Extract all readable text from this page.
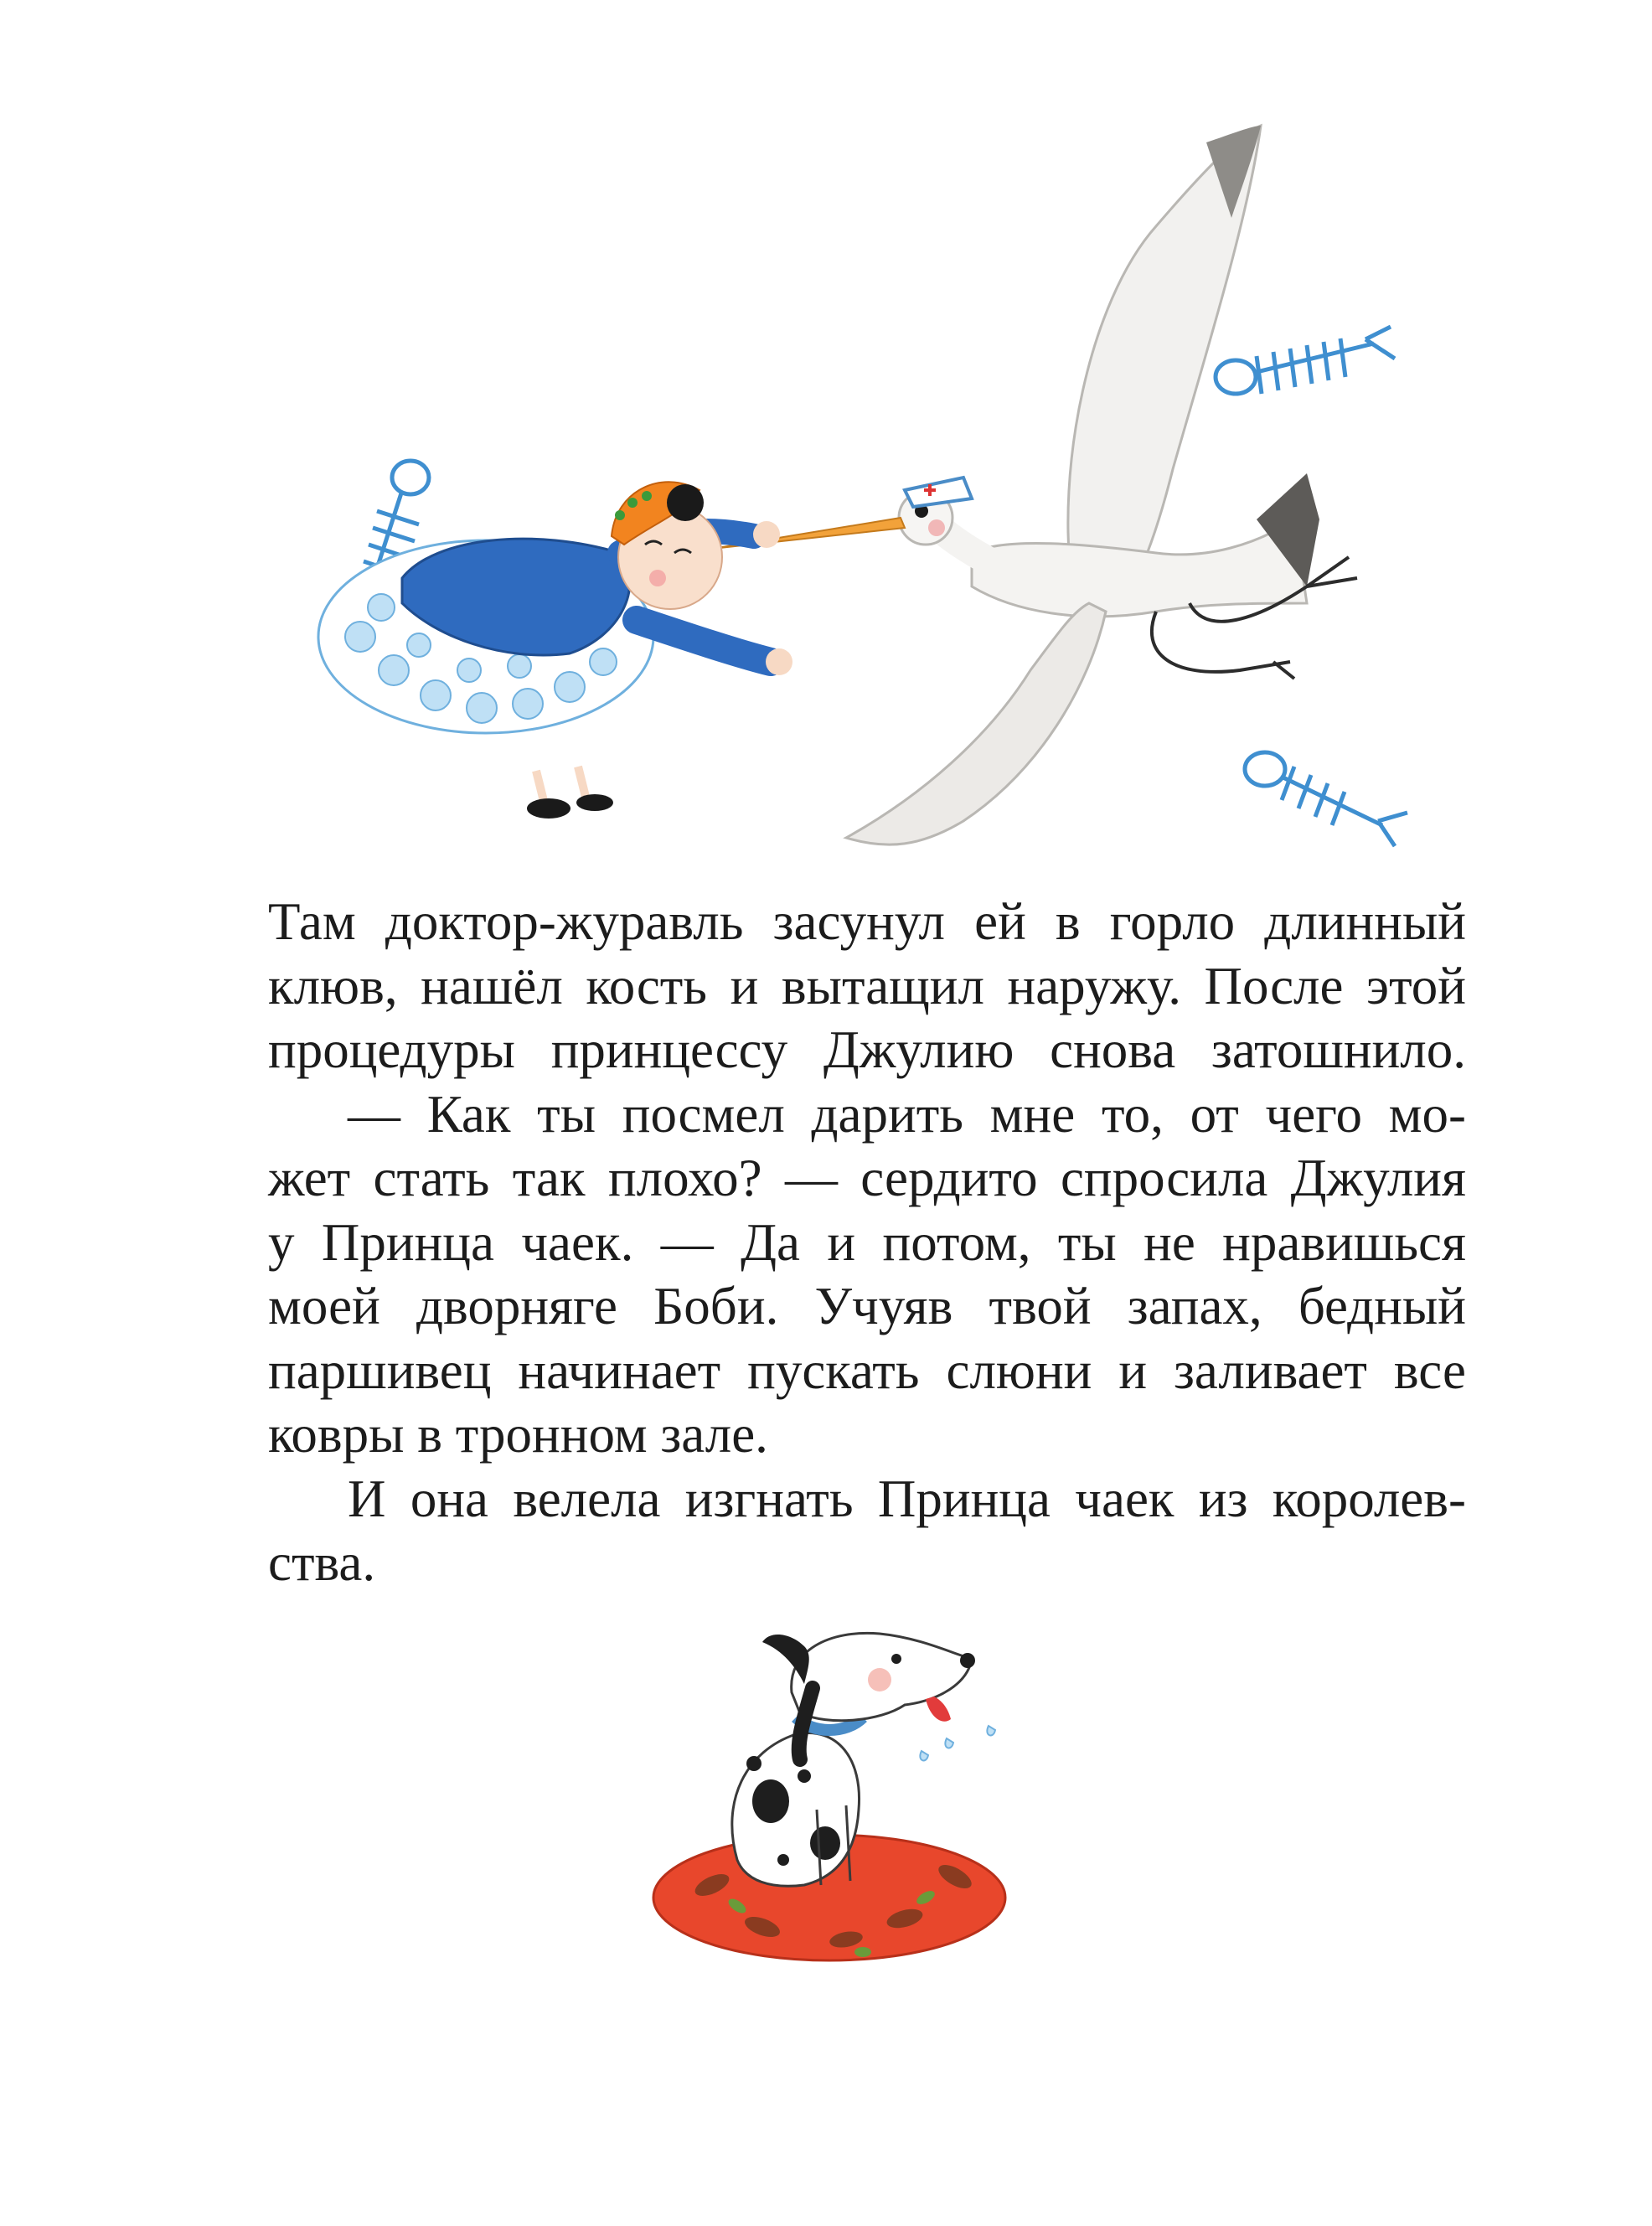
Там доктор-журавль засунул ей в горло длинный
клюв, нашёл кость и вытащил наружу. После этой
процедуры принцессу Джулию снова затошнило.
— Как ты посмел дарить мне то, от чего мо-
жет стать так плохо? — сердито спросила Джулия
у Принца чаек. — Да и потом, ты не нравишься
моей дворняге Боби. Учуяв твой запах, бедный
паршивец начинает пускать слюни и заливает все
ковры в тронном зале.
И она велела изгнать Принца чаек из королев-
ства.
